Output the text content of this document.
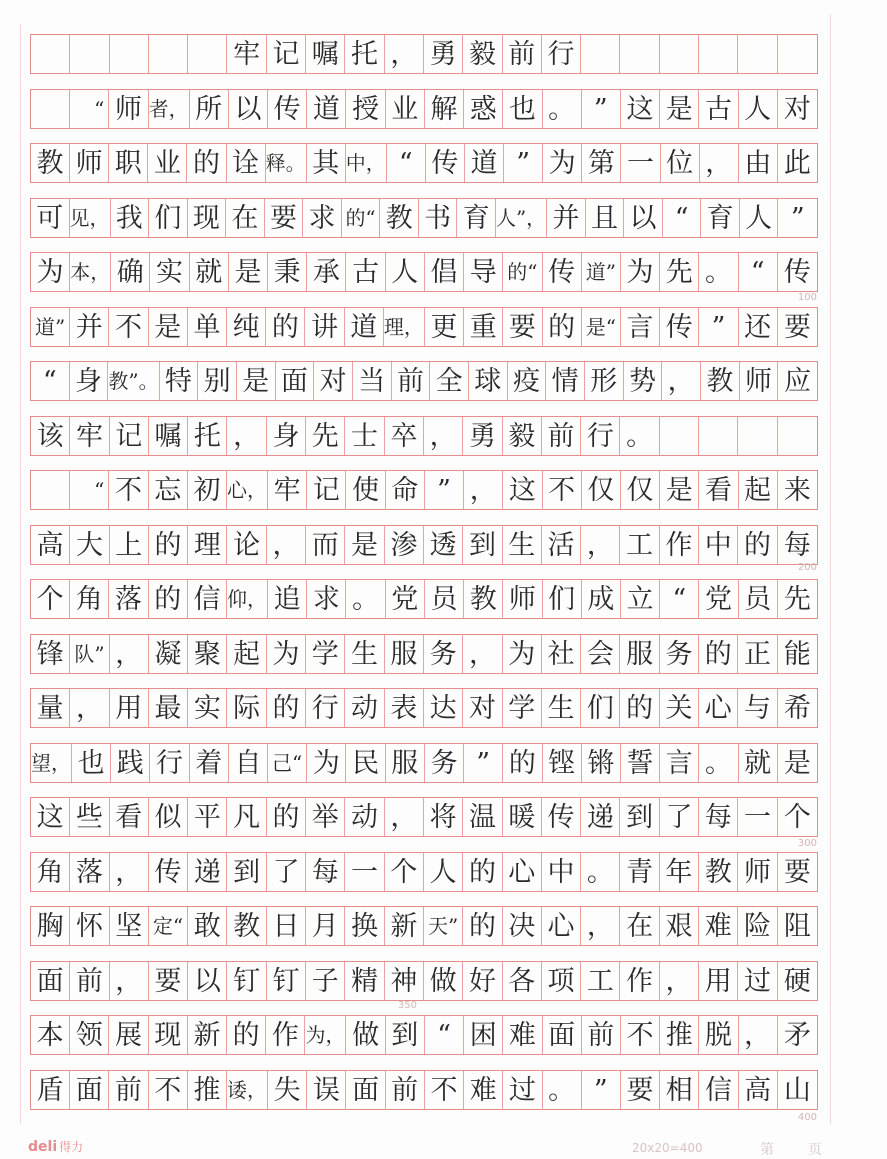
牢 记 嘱 托 ， 勇 毅 前 行

　“ 师 者， 所 以 传 道 授 业 解 惑 也 。 ” 这 是 古 人 对
教 师 职 业 的 诠 释。 其 中， “ 传 道 ” 为 第 一 位 ， 由 此
可 见， 我 们 现 在 要 求 的“ 教 书 育 人”， 并 且 以 “ 育 人 ”
为 本， 确 实 就 是 秉 承 古 人 倡 导 的“ 传 道” 为 先 。 “ 传
道” 并 不 是 单 纯 的 讲 道 理， 更 重 要 的 是“ 言 传 ” 还 要
“ 身 教”。 特 别 是 面 对 当 前 全 球 疫 情 形 势 ， 教 师 应
该 牢 记 嘱 托 ， 身 先 士 卒 ， 勇 毅 前 行 。

　“ 不 忘 初 心， 牢 记 使 命 ” ， 这 不 仅 仅 是 看 起 来
高 大 上 的 理 论 ， 而 是 渗 透 到 生 活 ， 工 作 中 的 每
个 角 落 的 信 仰， 追 求 。 党 员 教 师 们 成 立 “ 党 员 先
锋 队” ， 凝 聚 起 为 学 生 服 务 ， 为 社 会 服 务 的 正 能
量 ， 用 最 实 际 的 行 动 表 达 对 学 生 们 的 关 心 与 希
望， 也 践 行 着 自 己“ 为 民 服 务 ” 的 铿 锵 誓 言 。 就 是
这 些 看 似 平 凡 的 举 动 ， 将 温 暖 传 递 到 了 每 一 个
角 落 ， 传 递 到 了 每 一 个 人 的 心 中 。 青 年 教 师 要
胸 怀 坚 定“ 敢 教 日 月 换 新 天” 的 决 心 ， 在 艰 难 险 阻
面 前 ， 要 以 钉 钉 子 精 神 做 好 各 项 工 作 ， 用 过 硬
本 领 展 现 新 的 作 为， 做 到 “ 困 难 面 前 不 推 脱 ， 矛
盾 面 前 不 推 诿， 失 误 面 前 不 难 过 。 ” 要 相 信 高 山
100
200
300
350
400
deli 得力	20x20=400	第 页
